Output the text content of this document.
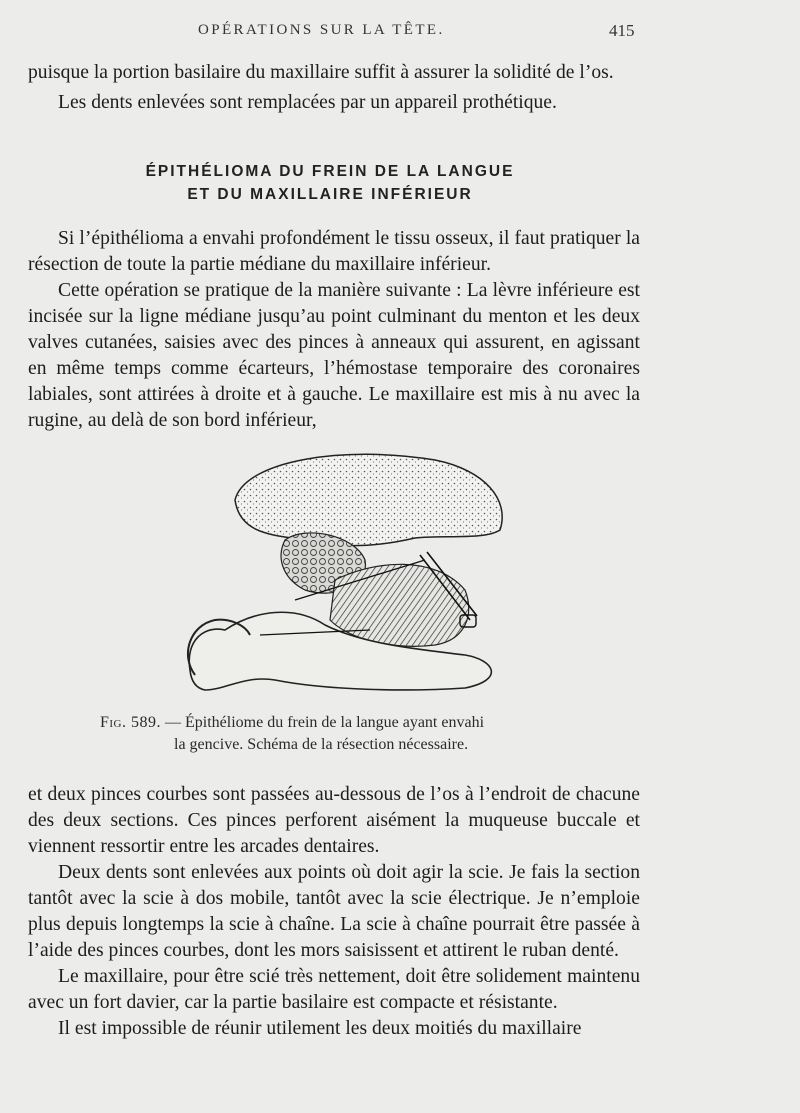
OPÉRATIONS SUR LA TÊTE.	415

puisque la portion basilaire du maxillaire suffit à assurer la solidité de l’os.

Les dents enlevées sont remplacées par un appareil prothétique.

ÉPITHÉLIOMA DU FREIN DE LA LANGUE
ET DU MAXILLAIRE INFÉRIEUR

Si l’épithélioma a envahi profondément le tissu osseux, il faut pratiquer la résection de toute la partie médiane du maxillaire inférieur.

Cette opération se pratique de la manière suivante : La lèvre inférieure est incisée sur la ligne médiane jusqu’au point culminant du menton et les deux valves cutanées, saisies avec des pinces à anneaux qui assurent, en agissant en même temps comme écarteurs, l’hémostase temporaire des coronaires labiales, sont attirées à droite et à gauche. Le maxillaire est mis à nu avec la rugine, au delà de son bord inférieur,

Fig. 589. — Épithéliome du frein de la langue ayant envahi
la gencive. Schéma de la résection nécessaire.

et deux pinces courbes sont passées au-dessous de l’os à l’endroit de chacune des deux sections. Ces pinces perforent aisément la muqueuse buccale et viennent ressortir entre les arcades dentaires.

Deux dents sont enlevées aux points où doit agir la scie. Je fais la section tantôt avec la scie à dos mobile, tantôt avec la scie électrique. Je n’emploie plus depuis longtemps la scie à chaîne. La scie à chaîne pourrait être passée à l’aide des pinces courbes, dont les mors saisissent et attirent le ruban denté.

Le maxillaire, pour être scié très nettement, doit être solidement maintenu avec un fort davier, car la partie basilaire est compacte et résistante.

Il est impossible de réunir utilement les deux moitiés du maxillaire
